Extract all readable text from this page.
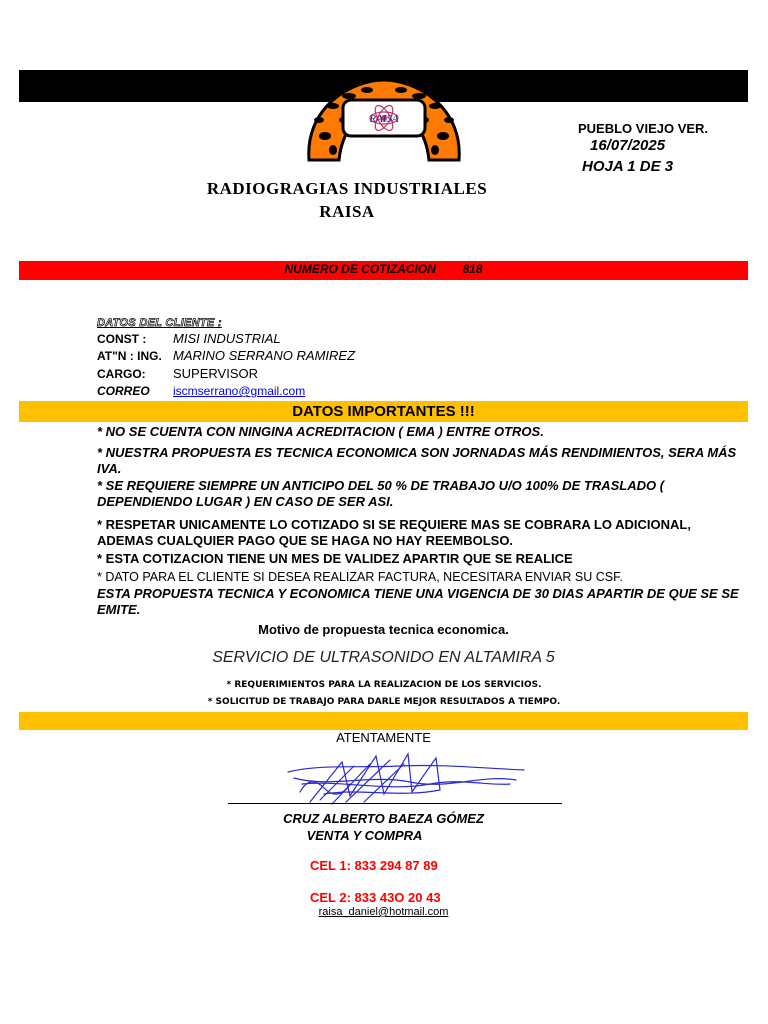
RAISA
RADIOGRAGIAS INDUSTRIALES
RAISA
PUEBLO VIEJO VER.
16/07/2025
HOJA 1 DE 3
NUMERO DE COTIZACION        818
DATOS DEL CLIENTE :
CONST : MISI INDUSTRIAL
AT"N : ING. MARINO SERRANO RAMIREZ
CARGO: SUPERVISOR
CORREO iscmserrano@gmail.com
DATOS IMPORTANTES !!!
* NO SE CUENTA CON NINGINA ACREDITACION ( EMA ) ENTRE OTROS.
* NUESTRA PROPUESTA ES TECNICA ECONOMICA SON JORNADAS MÁS RENDIMIENTOS, SERA MÁS IVA.
* SE REQUIERE SIEMPRE UN ANTICIPO DEL 50 % DE TRABAJO U/O 100% DE TRASLADO ( DEPENDIENDO LUGAR ) EN CASO DE SER ASI.
* RESPETAR UNICAMENTE LO COTIZADO SI SE REQUIERE MAS SE COBRARA LO ADICIONAL, ADEMAS CUALQUIER PAGO QUE SE HAGA NO HAY REEMBOLSO.
* ESTA COTIZACION TIENE UN MES DE VALIDEZ APARTIR QUE SE REALICE
* DATO PARA EL CLIENTE SI DESEA REALIZAR FACTURA, NECESITARA ENVIAR SU CSF.
ESTA PROPUESTA TECNICA Y ECONOMICA TIENE UNA VIGENCIA DE 30 DIAS APARTIR DE QUE SE SE EMITE.
Motivo de propuesta tecnica economica.
SERVICIO DE ULTRASONIDO EN ALTAMIRA 5
* REQUERIMIENTOS PARA LA REALIZACION DE LOS SERVICIOS.
* SOLICITUD DE TRABAJO PARA DARLE MEJOR RESULTADOS A TIEMPO.
ATENTAMENTE
CRUZ ALBERTO BAEZA GÓMEZ
VENTA Y COMPRA
CEL 1: 833 294 87 89
CEL 2: 833 43O 20 43
raisa_daniel@hotmail.com
